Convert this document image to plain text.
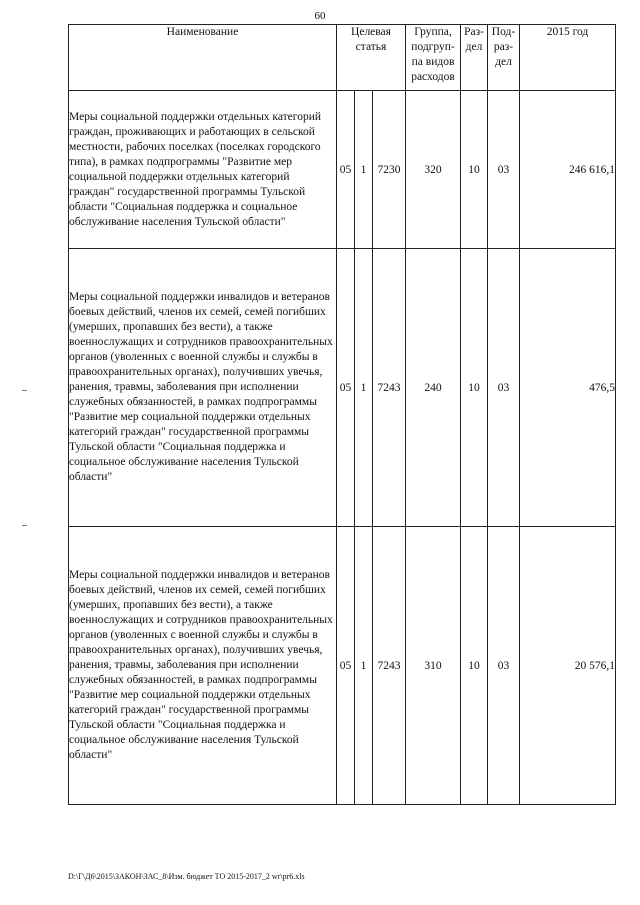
60
Наименование	Целевая статья			Группа, подгруп-па видов расходов	Раз-дел	Под-раз-дел	2015 год
Меры социальной поддержки отдельных категорий граждан, проживающих и работающих в сельской местности, рабочих поселках (поселках городского типа), в рамках подпрограммы "Развитие мер социальной поддержки отдельных категорий граждан" государственной программы Тульской области "Социальная поддержка и социальное обслуживание населения Тульской области"	05	1	7230	320	10	03	246 616,1
Меры социальной поддержки инвалидов и ветеранов боевых действий, членов их семей, семей погибших (умерших, пропавших без вести), а также военнослужащих и сотрудников правоохранительных органов (уволенных с военной службы и службы в правоохранительных органах), получивших увечья, ранения, травмы, заболевания при исполнении служебных обязанностей, в рамках подпрограммы "Развитие мер социальной поддержки отдельных категорий граждан" государственной программы Тульской области "Социальная поддержка и социальное обслуживание населения Тульской области"	05	1	7243	240	10	03	476,5
Меры социальной поддержки инвалидов и ветеранов боевых действий, членов их семей, семей погибших (умерших, пропавших без вести), а также военнослужащих и сотрудников правоохранительных органов (уволенных с военной службы и службы в правоохранительных органах), получивших увечья, ранения, травмы, заболевания при исполнении служебных обязанностей, в рамках подпрограммы "Развитие мер социальной поддержки отдельных категорий граждан" государственной программы Тульской области "Социальная поддержка и социальное обслуживание населения Тульской области"	05	1	7243	310	10	03	20 576,1
D:\Г\Д6\2015\ЗАКОН\ЗАС_8\Изм. бюджет ТО 2015-2017_2 wr\pr6.xls
